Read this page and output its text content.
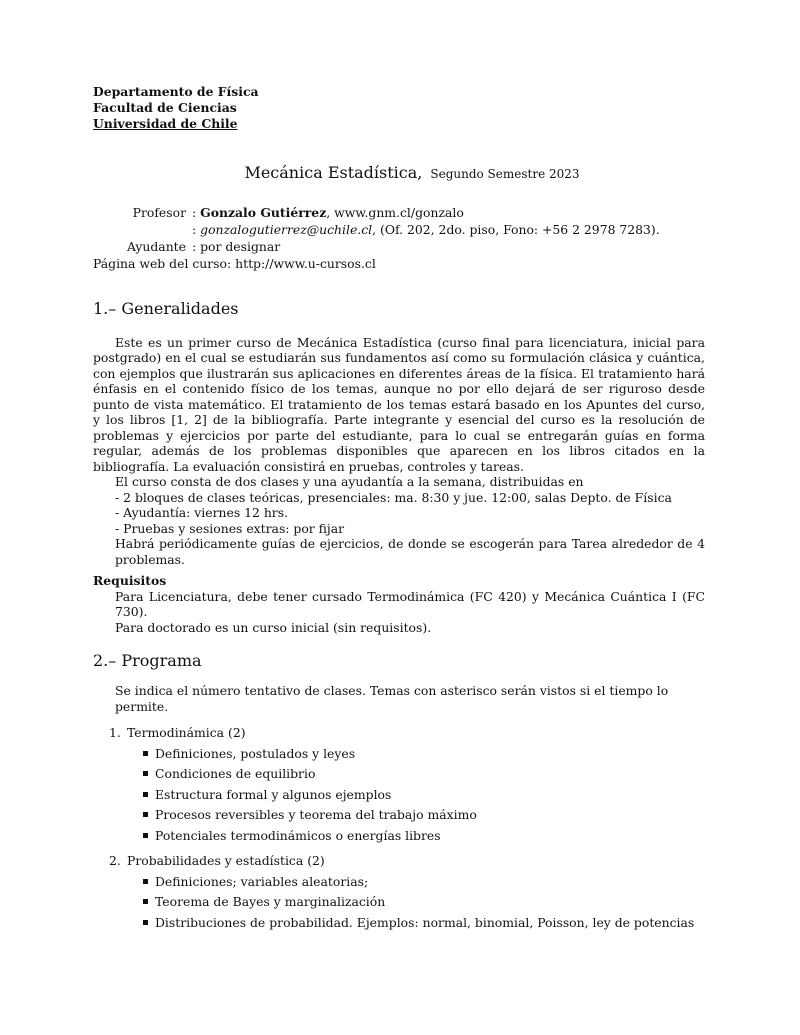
Departamento de Física
Facultad de Ciencias
Universidad de Chile
Mecánica Estadística, Segundo Semestre 2023
Profesor : Gonzalo Gutiérrez, www.gnm.cl/gonzalo
: gonzalogutierrez@uchile.cl, (Of. 202, 2do. piso, Fono: +56 2 2978 7283).
Ayudante : por designar
Página web del curso: http://www.u-cursos.cl
1.– Generalidades

Este es un primer curso de Mecánica Estadística (curso final para licenciatura, inicial para postgrado) en el cual se estudiarán sus fundamentos así como su formulación clásica y cuántica, con ejemplos que ilustrarán sus aplicaciones en diferentes áreas de la física. El tratamiento hará énfasis en el contenido físico de los temas, aunque no por ello dejará de ser riguroso desde punto de vista matemático. El tratamiento de los temas estará basado en los Apuntes del curso, y los libros [1, 2] de la bibliografía. Parte integrante y esencial del curso es la resolución de problemas y ejercicios por parte del estudiante, para lo cual se entregarán guías en forma regular, además de los problemas disponibles que aparecen en los libros citados en la bibliografía. La evaluación consistirá en pruebas, controles y tareas.

El curso consta de dos clases y una ayudantía a la semana, distribuidas en
- 2 bloques de clases teóricas, presenciales: ma. 8:30 y jue. 12:00, salas Depto. de Física
- Ayudantía: viernes 12 hrs.
- Pruebas y sesiones extras: por fijar
Habrá periódicamente guías de ejercicios, de donde se escogerán para Tarea alrededor de 4 problemas.
Requisitos
Para Licenciatura, debe tener cursado Termodinámica (FC 420) y Mecánica Cuántica I (FC 730).
Para doctorado es un curso inicial (sin requisitos).
2.– Programa
Se indica el número tentativo de clases. Temas con asterisco serán vistos si el tiempo lo permite.
1. Termodinámica (2)
Definiciones, postulados y leyes
Condiciones de equilibrio
Estructura formal y algunos ejemplos
Procesos reversibles y teorema del trabajo máximo
Potenciales termodinámicos o energías libres
2. Probabilidades y estadística (2)
Definiciones; variables aleatorias;
Teorema de Bayes y marginalización
Distribuciones de probabilidad. Ejemplos: normal, binomial, Poisson, ley de potencias
